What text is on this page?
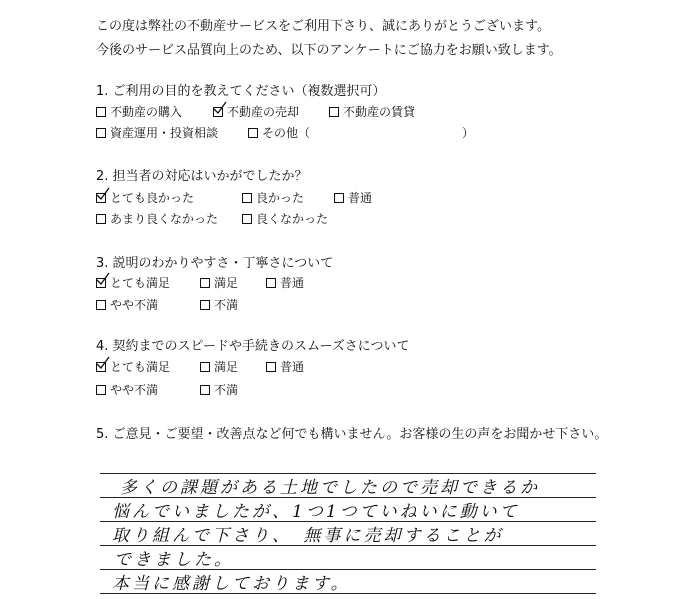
この度は弊社の不動産サービスをご利用下さり、誠にありがとうございます。
今後のサービス品質向上のため、以下のアンケートにご協力をお願い致します。
1. ご利用の目的を教えてください（複数選択可）
不動産の購入	不動産の売却	不動産の賃貸
資産運用・投資相談	その他（	）
2. 担当者の対応はいかがでしたか？
とても良かった	良かった	普通
あまり良くなかった	良くなかった
3. 説明のわかりやすさ・丁寧さについて
とても満足	満足	普通
やや不満	不満
4. 契約までのスピードや手続きのスムーズさについて
とても満足	満足	普通
やや不満	不満
5. ご意見・ご要望・改善点など何でも構いません。お客様の生の声をお聞かせ下さい。
多くの課題がある土地でしたので売却できるか
悩んでいましたが、1つ1つていねいに動いて
取り組んで下さり、　無事に売却することが
できました。
本当に感謝しております。
